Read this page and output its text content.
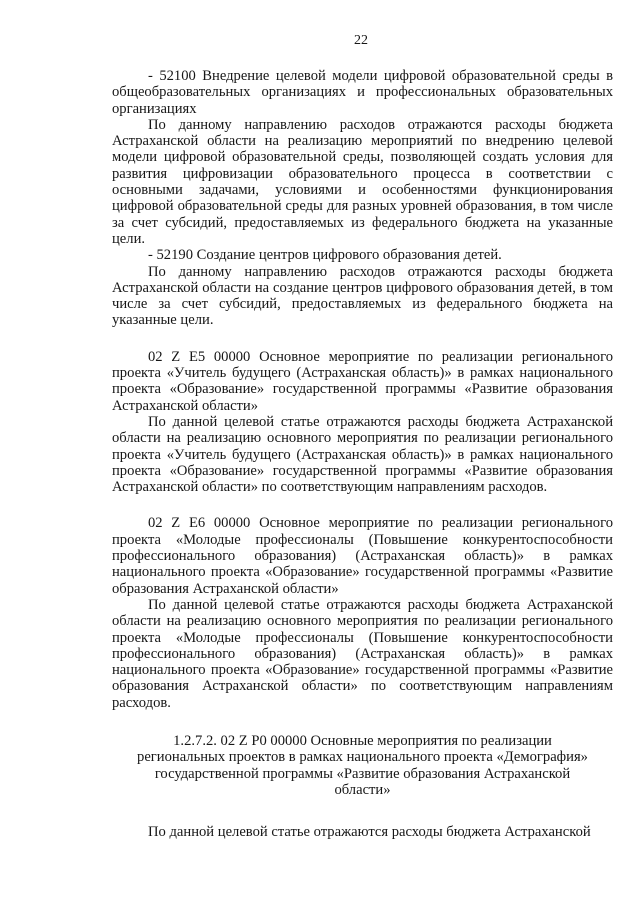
22

- 52100 Внедрение целевой модели цифровой образовательной среды в общеобразовательных организациях и профессиональных образовательных организациях

По данному направлению расходов отражаются расходы бюджета Астраханской области на реализацию мероприятий по внедрению целевой модели цифровой образовательной среды, позволяющей создать условия для развития цифровизации образовательного процесса в соответствии с основными задачами, условиями и особенностями функционирования цифровой образовательной среды для разных уровней образования, в том числе за счет субсидий, предоставляемых из федерального бюджета на указанные цели.

- 52190 Создание центров цифрового образования детей.

По данному направлению расходов отражаются расходы бюджета Астраханской области на создание центров цифрового образования детей, в том числе за счет субсидий, предоставляемых из федерального бюджета на указанные цели.

02 Z E5 00000 Основное мероприятие по реализации регионального проекта «Учитель будущего (Астраханская область)» в рамках национального проекта «Образование» государственной программы «Развитие образования Астраханской области»

По данной целевой статье отражаются расходы бюджета Астраханской области на реализацию основного мероприятия по реализации регионального проекта «Учитель будущего (Астраханская область)» в рамках национального проекта «Образование» государственной программы «Развитие образования Астраханской области» по соответствующим направлениям расходов.

02 Z E6 00000 Основное мероприятие по реализации регионального проекта «Молодые профессионалы (Повышение конкурентоспособности профессионального образования) (Астраханская область)» в рамках национального проекта «Образование» государственной программы «Развитие образования Астраханской области»

По данной целевой статье отражаются расходы бюджета Астраханской области на реализацию основного мероприятия по реализации регионального проекта «Молодые профессионалы (Повышение конкурентоспособности профессионального образования) (Астраханская область)» в рамках национального проекта «Образование» государственной программы «Развитие образования Астраханской области» по соответствующим направлениям расходов.

1.2.7.2. 02 Z P0 00000 Основные мероприятия по реализации региональных проектов в рамках национального проекта «Демография» государственной программы «Развитие образования Астраханской области»

По данной целевой статье отражаются расходы бюджета Астраханской
